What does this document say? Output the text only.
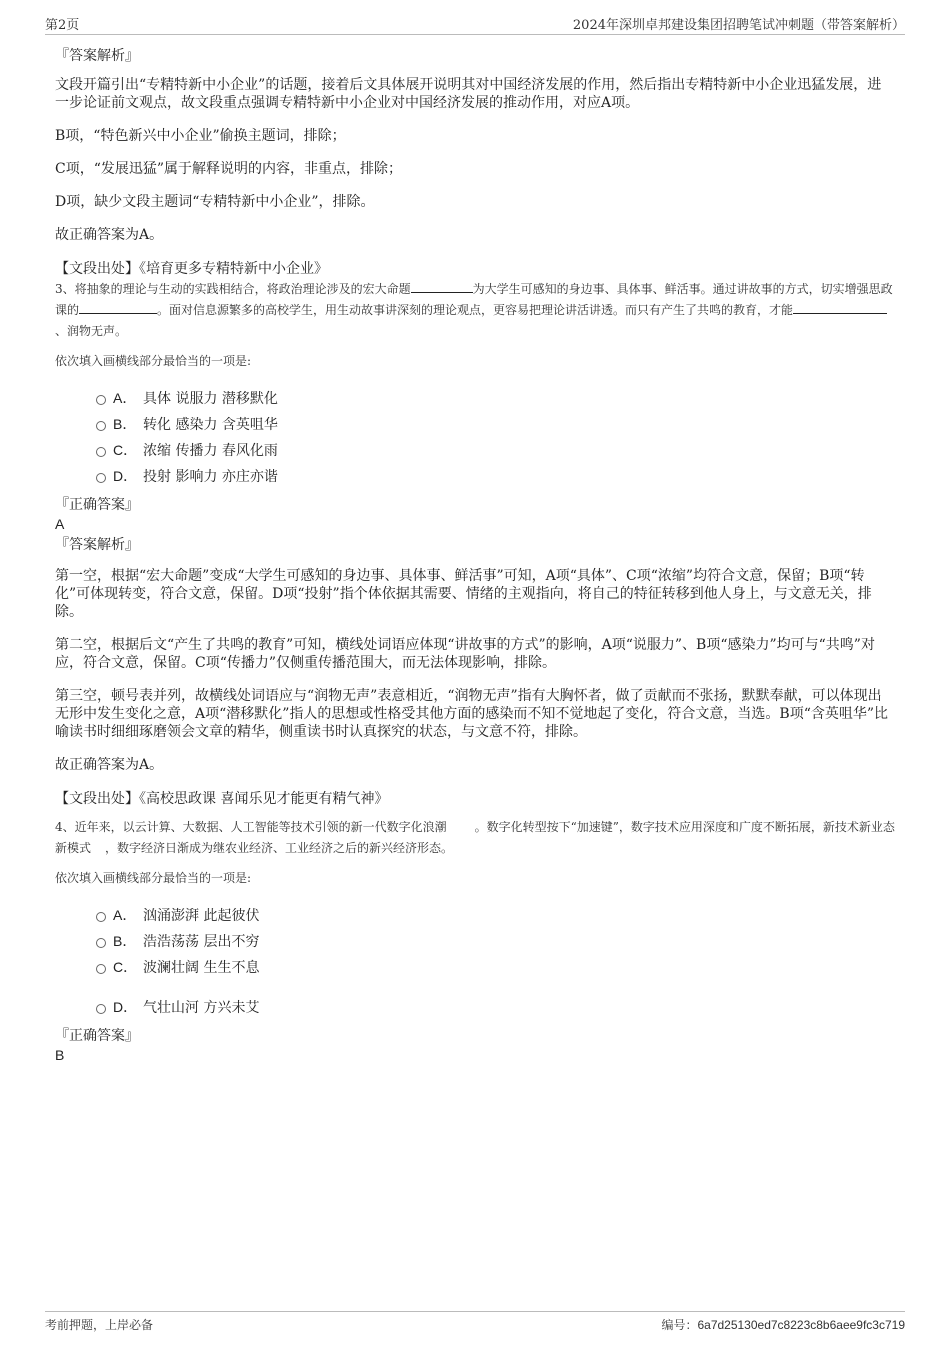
第2页	2024年深圳卓邦建设集团招聘笔试冲刺题（带答案解析）

『答案解析』

文段开篇引出“专精特新中小企业”的话题，接着后文具体展开说明其对中国经济发展的作用，然后指出专精特新中小企业迅猛发展，进一步论证前文观点，故文段重点强调专精特新中小企业对中国经济发展的推动作用，对应A项。

B项，“特色新兴中小企业”偷换主题词，排除；

C项，“发展迅猛”属于解释说明的内容，非重点，排除；

D项，缺少文段主题词“专精特新中小企业”，排除。

故正确答案为A。

【文段出处】《培育更多专精特新中小企业》

3、将抽象的理论与生动的实践相结合，将政治理论涉及的宏大命题	为大学生可感知的身边事、具体事、鲜活事。通过讲故事的方式，切实增强思政课的	。面对信息源繁多的高校学生，用生动故事讲深刻的理论观点，更容易把理论讲活讲透。而只有产生了共鸣的教育，才能、润物无声。

依次填入画横线部分最恰当的一项是:

A． 具体 说服力 潜移默化
B． 转化 感染力 含英咀华
C． 浓缩 传播力 春风化雨
D． 投射 影响力 亦庄亦谐

『正确答案』

A

『答案解析』

第一空，根据“宏大命题”变成“大学生可感知的身边事、具体事、鲜活事”可知，A项“具体”、C项“浓缩”均符合文意，保留；B项“转化”可体现转变，符合文意，保留。D项“投射”指个体依据其需要、情绪的主观指向，将自己的特征转移到他人身上，与文意无关，排除。

第二空，根据后文“产生了共鸣的教育”可知，横线处词语应体现“讲故事的方式”的影响，A项“说服力”、B项“感染力”均可与“共鸣”对应，符合文意，保留。C项“传播力”仅侧重传播范围大，而无法体现影响，排除。

第三空，顿号表并列，故横线处词语应与“润物无声”表意相近，“润物无声”指有大胸怀者，做了贡献而不张扬，默默奉献，可以体现出无形中发生变化之意，A项“潜移默化”指人的思想或性格受其他方面的感染而不知不觉地起了变化，符合文意，当选。B项“含英咀华”比喻读书时细细琢磨领会文章的精华，侧重读书时认真探究的状态，与文意不符，排除。

故正确答案为A。

【文段出处】《高校思政课 喜闻乐见才能更有精气神》

4、近年来，以云计算、大数据、人工智能等技术引领的新一代数字化浪潮 。数字化转型按下“加速键”，数字技术应用深度和广度不断拓展，新技术新业态新模式 ，数字经济日渐成为继农业经济、工业经济之后的新兴经济形态。

依次填入画横线部分最恰当的一项是:

A． 汹涌澎湃 此起彼伏
B． 浩浩荡荡 层出不穷
C． 波澜壮阔 生生不息
D． 气壮山河 方兴未艾

『正确答案』

B

考前押题，上岸必备	编号：6a7d25130ed7c8223c8b6aee9fc3c719
